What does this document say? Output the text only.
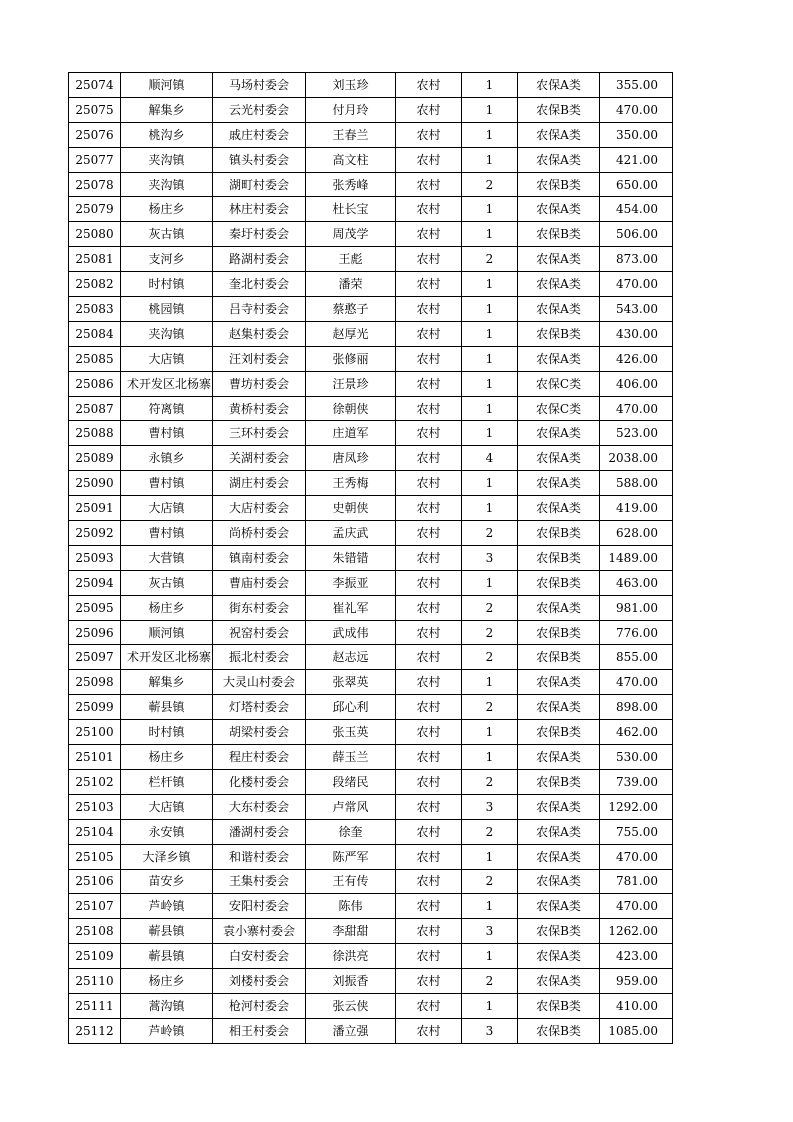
25074	顺河镇	马场村委会	刘玉珍	农村	1	农保A类	355.00
25075	解集乡	云光村委会	付月玲	农村	1	农保B类	470.00
25076	桃沟乡	戚庄村委会	王春兰	农村	1	农保A类	350.00
25077	夹沟镇	镇头村委会	高文柱	农村	1	农保A类	421.00
25078	夹沟镇	湖町村委会	张秀峰	农村	2	农保B类	650.00
25079	杨庄乡	林庄村委会	杜长宝	农村	1	农保A类	454.00
25080	灰古镇	秦圩村委会	周茂学	农村	1	农保B类	506.00
25081	支河乡	路湖村委会	王彪	农村	2	农保A类	873.00
25082	时村镇	奎北村委会	潘荣	农村	1	农保A类	470.00
25083	桃园镇	吕寺村委会	蔡憨子	农村	1	农保A类	543.00
25084	夹沟镇	赵集村委会	赵厚光	农村	1	农保B类	430.00
25085	大店镇	汪刘村委会	张修丽	农村	1	农保A类	426.00
25086	术开发区北杨寨	曹坊村委会	汪景珍	农村	1	农保C类	406.00
25087	符离镇	黄桥村委会	徐朝侠	农村	1	农保C类	470.00
25088	曹村镇	三环村委会	庄道军	农村	1	农保A类	523.00
25089	永镇乡	关湖村委会	唐凤珍	农村	4	农保A类	2038.00
25090	曹村镇	湖庄村委会	王秀梅	农村	1	农保A类	588.00
25091	大店镇	大店村委会	史朝侠	农村	1	农保A类	419.00
25092	曹村镇	尚桥村委会	孟庆武	农村	2	农保B类	628.00
25093	大营镇	镇南村委会	朱错错	农村	3	农保B类	1489.00
25094	灰古镇	曹庙村委会	李振亚	农村	1	农保B类	463.00
25095	杨庄乡	街东村委会	崔礼军	农村	2	农保A类	981.00
25096	顺河镇	祝窑村委会	武成伟	农村	2	农保B类	776.00
25097	术开发区北杨寨	振北村委会	赵志远	农村	2	农保B类	855.00
25098	解集乡	大灵山村委会	张翠英	农村	1	农保A类	470.00
25099	蕲县镇	灯塔村委会	邱心利	农村	2	农保A类	898.00
25100	时村镇	胡梁村委会	张玉英	农村	1	农保B类	462.00
25101	杨庄乡	程庄村委会	薛玉兰	农村	1	农保A类	530.00
25102	栏杆镇	化楼村委会	段绪民	农村	2	农保B类	739.00
25103	大店镇	大东村委会	卢常风	农村	3	农保A类	1292.00
25104	永安镇	潘湖村委会	徐奎	农村	2	农保A类	755.00
25105	大泽乡镇	和谐村委会	陈严军	农村	1	农保A类	470.00
25106	苗安乡	王集村委会	王有传	农村	2	农保A类	781.00
25107	芦岭镇	安阳村委会	陈伟	农村	1	农保A类	470.00
25108	蕲县镇	袁小寨村委会	李甜甜	农村	3	农保B类	1262.00
25109	蕲县镇	白安村委会	徐洪亮	农村	1	农保A类	423.00
25110	杨庄乡	刘楼村委会	刘振香	农村	2	农保A类	959.00
25111	蒿沟镇	枪河村委会	张云侠	农村	1	农保B类	410.00
25112	芦岭镇	相王村委会	潘立强	农村	3	农保B类	1085.00
